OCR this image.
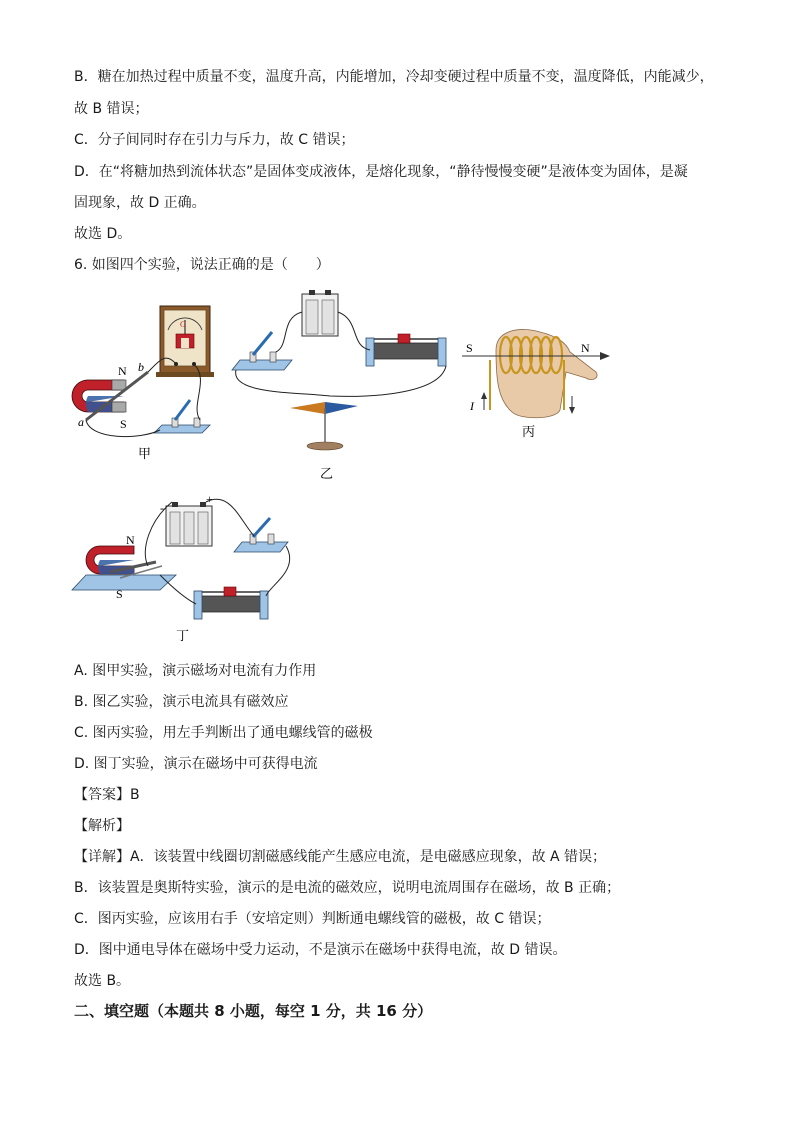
B．糖在加热过程中质量不变，温度升高，内能增加，冷却变硬过程中质量不变，温度降低，内能减少，
故 B 错误；
C．分子间同时存在引力与斥力，故 C 错误；
D．在“将糖加热到流体状态”是固体变成液体，是熔化现象，“静待慢慢变硬”是液体变为固体，是凝
固现象，故 D 正确。
故选 D。
6. 如图四个实验，说法正确的是（　　）
G
N
S
a
b
甲
乙
S	N
I
丙
-
+
N
S
丁
A. 图甲实验，演示磁场对电流有力作用
B. 图乙实验，演示电流具有磁效应
C. 图丙实验，用左手判断出了通电螺线管的磁极
D. 图丁实验，演示在磁场中可获得电流
【答案】B
【解析】
【详解】A．该装置中线圈切割磁感线能产生感应电流，是电磁感应现象，故 A 错误；
B．该装置是奥斯特实验，演示的是电流的磁效应，说明电流周围存在磁场，故 B 正确；
C．图丙实验，应该用右手（安培定则）判断通电螺线管的磁极，故 C 错误；
D．图中通电导体在磁场中受力运动，不是演示在磁场中获得电流，故 D 错误。
故选 B。
二、填空题（本题共 8 小题，每空 1 分，共 16 分）
